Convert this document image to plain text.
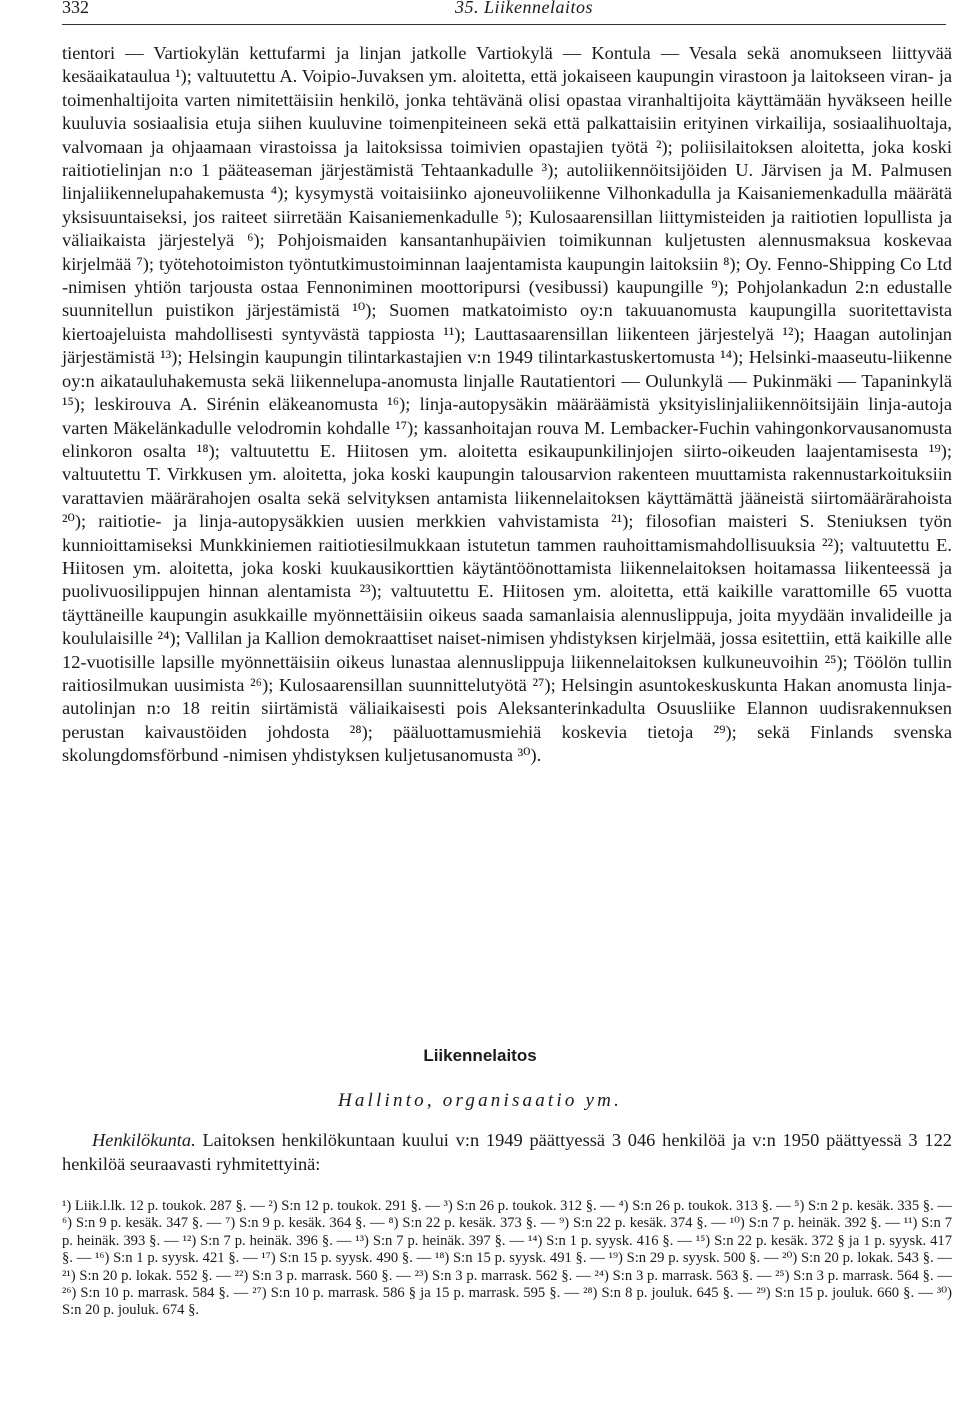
332	35. Liikennelaitos

tientori — Vartiokylän kettufarmi ja linjan jatkolle Vartiokylä — Kontula — Vesala sekä anomukseen liittyvää kesäaikataulua ¹); valtuutettu A. Voipio-Juvaksen ym. aloitetta, että jokaiseen kaupungin virastoon ja laitokseen viran- ja toimenhaltijoita varten nimitettäisiin henkilö, jonka tehtävänä olisi opastaa viranhaltijoita käyttämään hyväkseen heille kuuluvia sosiaalisia etuja siihen kuuluvine toimenpiteineen sekä että palkattaisiin erityinen virkailija, sosiaalihuoltaja, valvomaan ja ohjaamaan virastoissa ja laitoksissa toimivien opastajien työtä ²); poliisilaitoksen aloitetta, joka koski raitiotielinjan n:o 1 pääteaseman järjestämistä Tehtaankadulle ³); autoliikennöitsijöiden U. Järvisen ja M. Palmusen linjaliikennelupahakemusta ⁴); kysymystä voitaisiinko ajoneuvoliikenne Vilhonkadulla ja Kaisaniemenkadulla määrätä yksisuuntaiseksi, jos raiteet siirretään Kaisaniemenkadulle ⁵); Kulosaarensillan liittymisteiden ja raitiotien lopullista ja väliaikaista järjestelyä ⁶); Pohjoismaiden kansantanhupäivien toimikunnan kuljetusten alennusmaksua koskevaa kirjelmää ⁷); työtehotoimiston työntutkimustoiminnan laajentamista kaupungin laitoksiin ⁸); Oy. Fenno-Shipping Co Ltd -nimisen yhtiön tarjousta ostaa Fennoniminen moottoripursi (vesibussi) kaupungille ⁹); Pohjolankadun 2:n edustalle suunnitellun puistikon järjestämistä ¹⁰); Suomen matkatoimisto oy:n takuuanomusta kaupungilla suoritettavista kiertoajeluista mahdollisesti syntyvästä tappiosta ¹¹); Lauttasaarensillan liikenteen järjestelyä ¹²); Haagan autolinjan järjestämistä ¹³); Helsingin kaupungin tilintarkastajien v:n 1949 tilintarkastuskertomusta ¹⁴); Helsinki-maaseutu-liikenne oy:n aikatauluhakemusta sekä liikennelupa-anomusta linjalle Rautatientori — Oulunkylä — Pukinmäki — Tapaninkylä ¹⁵); leskirouva A. Sirénin eläkeanomusta ¹⁶); linja-autopysäkin määräämistä yksityislinjaliikennöitsijäin linja-autoja varten Mäkelänkadulle velodromin kohdalle ¹⁷); kassanhoitajan rouva M. Lembacker-Fuchin vahingonkorvausanomusta elinkoron osalta ¹⁸); valtuutettu E. Hiitosen ym. aloitetta esikaupunkilinjojen siirto-oikeuden laajentamisesta ¹⁹); valtuutettu T. Virkkusen ym. aloitetta, joka koski kaupungin talousarvion rakenteen muuttamista rakennustarkoituksiin varattavien määrärahojen osalta sekä selvityksen antamista liikennelaitoksen käyttämättä jääneistä siirtomäärärahoista ²⁰); raitiotie- ja linja-autopysäkkien uusien merkkien vahvistamista ²¹); filosofian maisteri S. Steniuksen työn kunnioittamiseksi Munkkiniemen raitiotiesilmukkaan istutetun tammen rauhoittamismahdollisuuksia ²²); valtuutettu E. Hiitosen ym. aloitetta, joka koski kuukausikorttien käytäntöönottamista liikennelaitoksen hoitamassa liikenteessä ja puolivuosilippujen hinnan alentamista ²³); valtuutettu E. Hiitosen ym. aloitetta, että kaikille varattomille 65 vuotta täyttäneille kaupungin asukkaille myönnettäisiin oikeus saada samanlaisia alennuslippuja, joita myydään invalideille ja koululaisille ²⁴); Vallilan ja Kallion demokraattiset naiset-nimisen yhdistyksen kirjelmää, jossa esitettiin, että kaikille alle 12-vuotisille lapsille myönnettäisiin oikeus lunastaa alennuslippuja liikennelaitoksen kulkuneuvoihin ²⁵); Töölön tullin raitiosilmukan uusimista ²⁶); Kulosaarensillan suunnittelutyötä ²⁷); Helsingin asuntokeskuskunta Hakan anomusta linja-autolinjan n:o 18 reitin siirtämistä väliaikaisesti pois Aleksanterinkadulta Osuusliike Elannon uudisrakennuksen perustan kaivaustöiden johdosta ²⁸); pääluottamusmiehiä koskevia tietoja ²⁹); sekä Finlands svenska skolungdomsförbund -nimisen yhdistyksen kuljetusanomusta ³⁰).

Liikennelaitos
Hallinto, organisaatio ym.
Henkilökunta. Laitoksen henkilökuntaan kuului v:n 1949 päättyessä 3 046 henkilöä ja v:n 1950 päättyessä 3 122 henkilöä seuraavasti ryhmitettyinä:

¹) Liik.l.lk. 12 p. toukok. 287 §. — ²) S:n 12 p. toukok. 291 §. — ³) S:n 26 p. toukok. 312 §. — ⁴) S:n 26 p. toukok. 313 §. — ⁵) S:n 2 p. kesäk. 335 §. — ⁶) S:n 9 p. kesäk. 347 §. — ⁷) S:n 9 p. kesäk. 364 §. — ⁸) S:n 22 p. kesäk. 373 §. — ⁹) S:n 22 p. kesäk. 374 §. — ¹⁰) S:n 7 p. heinäk. 392 §. — ¹¹) S:n 7 p. heinäk. 393 §. — ¹²) S:n 7 p. heinäk. 396 §. — ¹³) S:n 7 p. heinäk. 397 §. — ¹⁴) S:n 1 p. syysk. 416 §. — ¹⁵) S:n 22 p. kesäk. 372 § ja 1 p. syysk. 417 §. — ¹⁶) S:n 1 p. syysk. 421 §. — ¹⁷) S:n 15 p. syysk. 490 §. — ¹⁸) S:n 15 p. syysk. 491 §. — ¹⁹) S:n 29 p. syysk. 500 §. — ²⁰) S:n 20 p. lokak. 543 §. — ²¹) S:n 20 p. lokak. 552 §. — ²²) S:n 3 p. marrask. 560 §. — ²³) S:n 3 p. marrask. 562 §. — ²⁴) S:n 3 p. marrask. 563 §. — ²⁵) S:n 3 p. marrask. 564 §. — ²⁶) S:n 10 p. marrask. 584 §. — ²⁷) S:n 10 p. marrask. 586 § ja 15 p. marrask. 595 §. — ²⁸) S:n 8 p. jouluk. 645 §. — ²⁹) S:n 15 p. jouluk. 660 §. — ³⁰) S:n 20 p. jouluk. 674 §.
